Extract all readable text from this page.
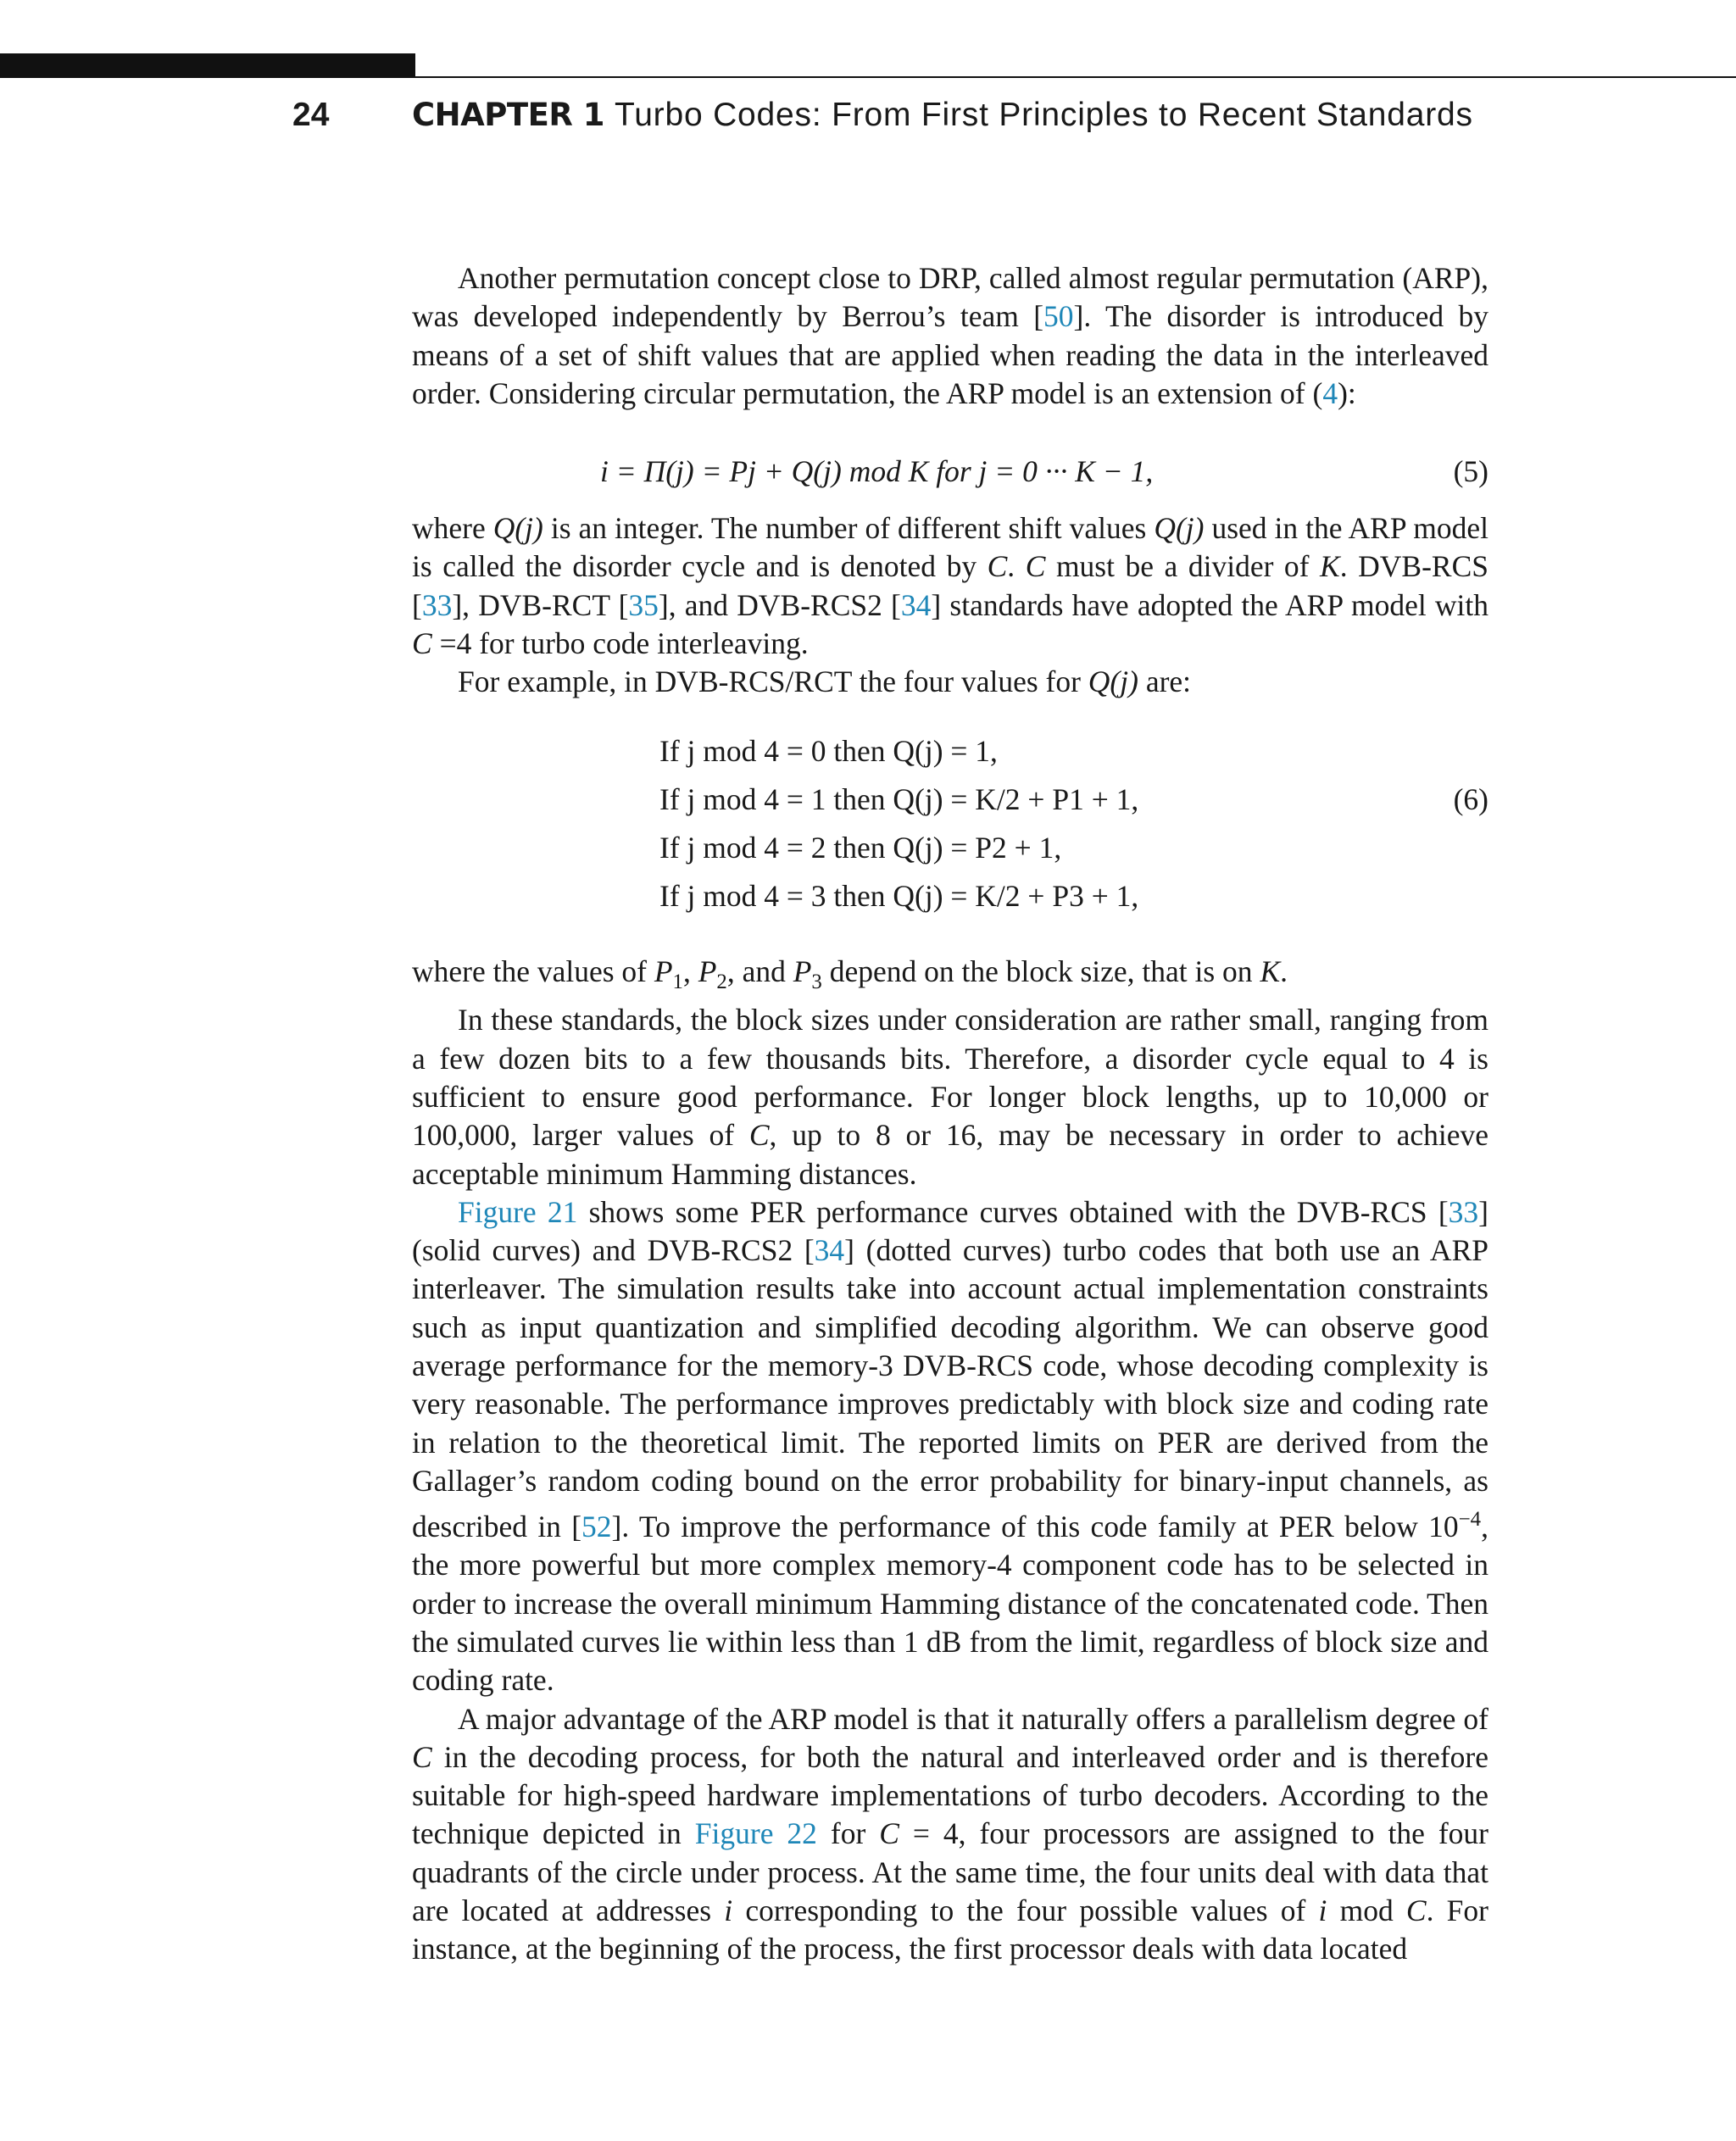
24	CHAPTER 1 Turbo Codes: From First Principles to Recent Standards

Another permutation concept close to DRP, called almost regular permutation (ARP), was developed independently by Berrou’s team [50]. The disorder is introduced by means of a set of shift values that are applied when reading the data in the interleaved order. Considering circular permutation, the ARP model is an extension of (4):

i = Π(j) = Pj + Q(j) mod K for j = 0 ··· K − 1,	(5)

where Q(j) is an integer. The number of different shift values Q(j) used in the ARP model is called the disorder cycle and is denoted by C. C must be a divider of K. DVB-RCS [33], DVB-RCT [35], and DVB-RCS2 [34] standards have adopted the ARP model with C =4 for turbo code interleaving.

For example, in DVB-RCS/RCT the four values for Q(j) are:

If j mod 4 = 0 then Q(j) = 1,
If j mod 4 = 1 then Q(j) = K/2 + P1 + 1,
If j mod 4 = 2 then Q(j) = P2 + 1,
If j mod 4 = 3 then Q(j) = K/2 + P3 + 1,
(6)

where the values of $P_1$, $P_2$, and $P_3$ depend on the block size, that is on K.

In these standards, the block sizes under consideration are rather small, ranging from a few dozen bits to a few thousands bits. Therefore, a disorder cycle equal to 4 is sufficient to ensure good performance. For longer block lengths, up to 10,000 or 100,000, larger values of C, up to 8 or 16, may be necessary in order to achieve acceptable minimum Hamming distances.

Figure 21 shows some PER performance curves obtained with the DVB-RCS [33] (solid curves) and DVB-RCS2 [34] (dotted curves) turbo codes that both use an ARP interleaver. The simulation results take into account actual implementation constraints such as input quantization and simplified decoding algorithm. We can observe good average performance for the memory-3 DVB-RCS code, whose decoding complexity is very reasonable. The performance improves predictably with block size and coding rate in relation to the theoretical limit. The reported limits on PER are derived from the Gallager’s random coding bound on the error probability for binary-input channels, as described in [52]. To improve the performance of this code family at PER below $10^{-4}$, the more powerful but more complex memory-4 component code has to be selected in order to increase the overall minimum Hamming distance of the concatenated code. Then the simulated curves lie within less than 1 dB from the limit, regardless of block size and coding rate.

A major advantage of the ARP model is that it naturally offers a parallelism degree of C in the decoding process, for both the natural and interleaved order and is therefore suitable for high-speed hardware implementations of turbo decoders. According to the technique depicted in Figure 22 for C = 4, four processors are assigned to the four quadrants of the circle under process. At the same time, the four units deal with data that are located at addresses i corresponding to the four possible values of i mod C. For instance, at the beginning of the process, the first processor deals with data located
